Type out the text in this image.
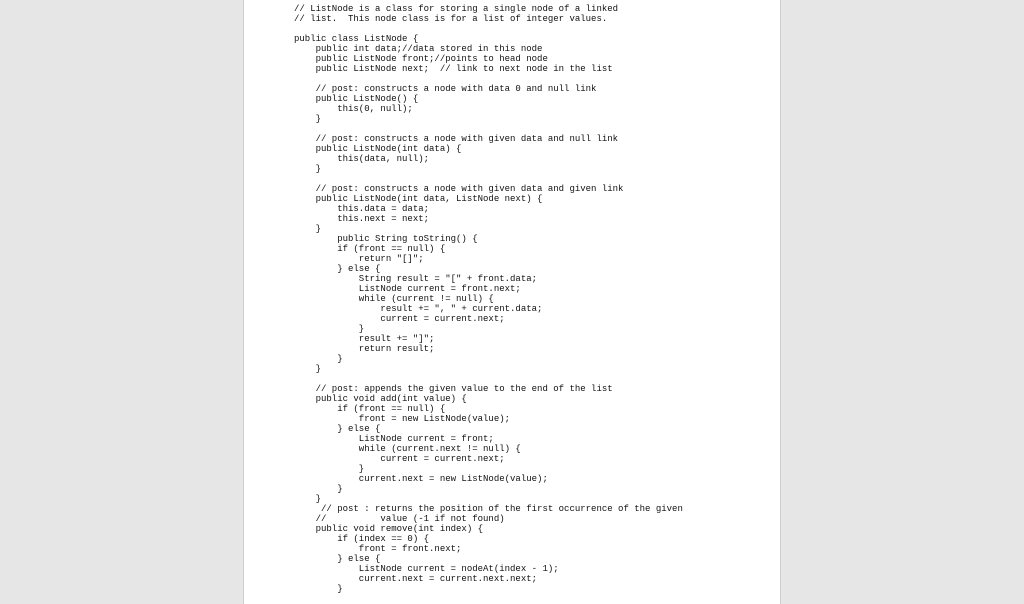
// ListNode is a class for storing a single node of a linked
// list.  This node class is for a list of integer values.
public class ListNode {
public int data;//data stored in this node
public ListNode front;//points to head node
public ListNode next;  // link to next node in the list
// post: constructs a node with data 0 and null link
public ListNode() {
this(0, null);
}
// post: constructs a node with given data and null link
public ListNode(int data) {
this(data, null);
}
// post: constructs a node with given data and given link
public ListNode(int data, ListNode next) {
this.data = data;
this.next = next;
}
public String toString() {
if (front == null) {
return "[]";
} else {
String result = "[" + front.data;
ListNode current = front.next;
while (current != null) {
result += ", " + current.data;
current = current.next;
}
result += "]";
return result;
}
}
// post: appends the given value to the end of the list
public void add(int value) {
if (front == null) {
front = new ListNode(value);
} else {
ListNode current = front;
while (current.next != null) {
current = current.next;
}
current.next = new ListNode(value);
}
}
// post : returns the position of the first occurrence of the given
//          value (-1 if not found)
public void remove(int index) {
if (index == 0) {
front = front.next;
} else {
ListNode current = nodeAt(index - 1);
current.next = current.next.next;
}
